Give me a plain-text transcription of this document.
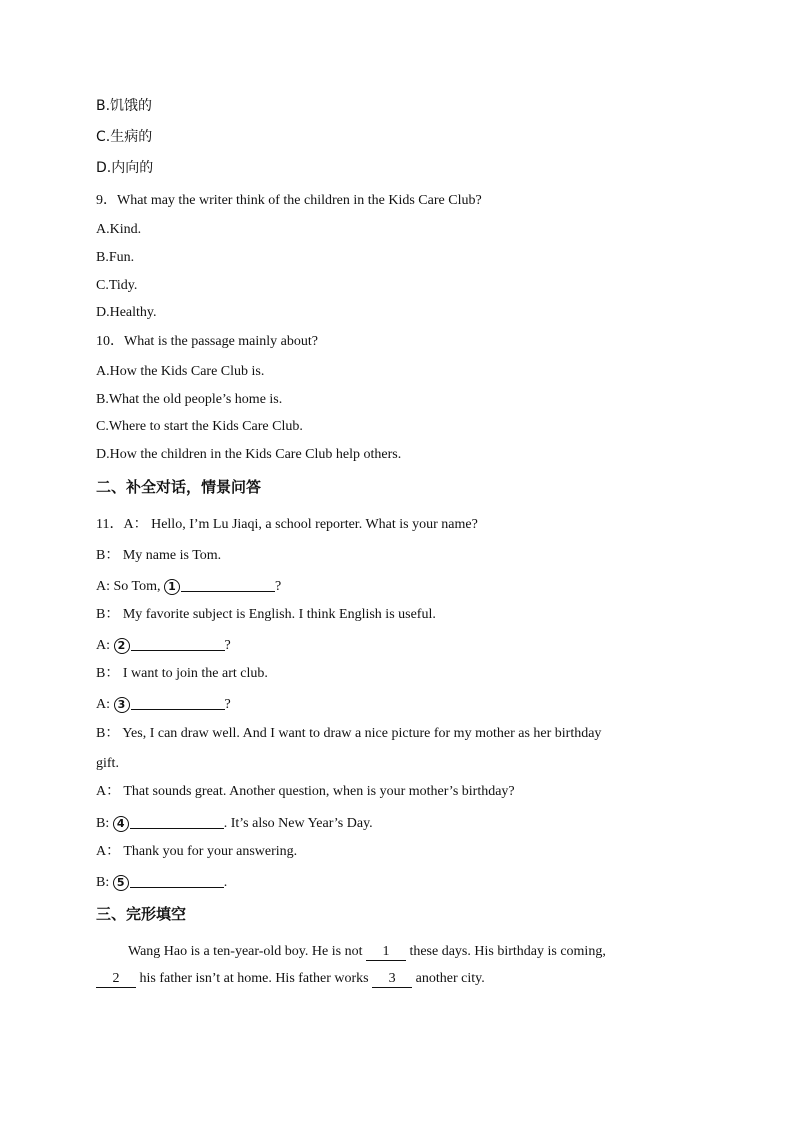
B.饥饿的
C.生病的
D.内向的
9．What may the writer think of the children in the Kids Care Club?
A.Kind.
B.Fun.
C.Tidy.
D.Healthy.
10．What is the passage mainly about?
A.How the Kids Care Club is.
B.What the old people’s home is.
C.Where to start the Kids Care Club.
D.How the children in the Kids Care Club help others.
二、补全对话，情景问答
11．A： Hello, I’m Lu Jiaqi, a school reporter. What is your name?
B： My name is Tom.
A: So Tom, 1	?
B： My favorite subject is English. I think English is useful.
A: 2	?
B： I want to join the art club.
A: 3	?
B： Yes, I can draw well. And I want to draw a nice picture for my mother as her birthday
gift.
A： That sounds great. Another question, when is your mother’s birthday?
B: 4	. It’s also New Year’s Day.
A： Thank you for your answering.
B: 5	.
三、完形填空
Wang Hao is a ten-year-old boy. He is not 1 these days. His birthday is coming,
2 his father isn’t at home. His father works 3 another city.
